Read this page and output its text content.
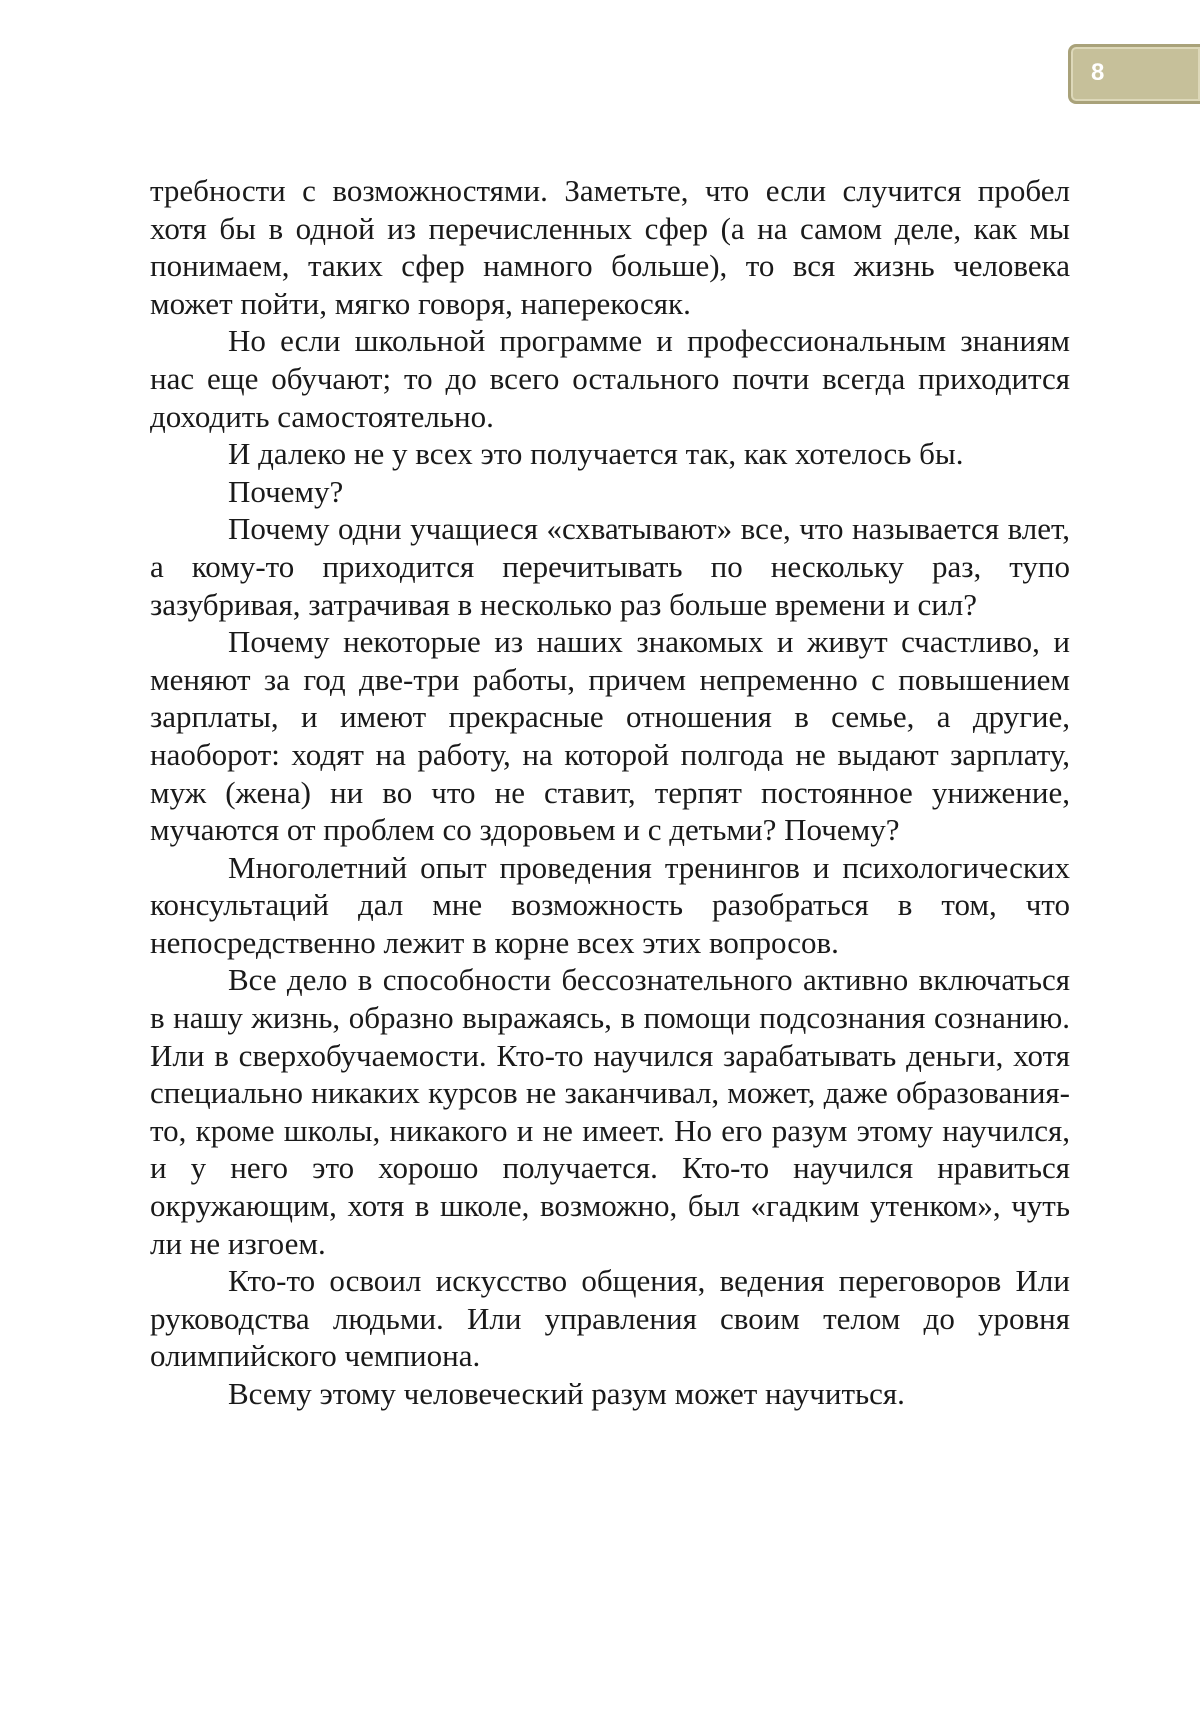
8

требности с возможностями. Заметьте, что если случится пробел хотя бы в одной из перечисленных сфер (а на самом деле, как мы понимаем, таких сфер намного больше), то вся жизнь человека может пойти, мягко говоря, наперекосяк.

Но если школьной программе и профессиональным знаниям нас еще обучают; то до всего остального почти всегда приходится доходить самостоятельно.

И далеко не у всех это получается так, как хотелось бы.

Почему?

Почему одни учащиеся «схватывают» все, что называется влет, а кому-то приходится перечитывать по нескольку раз, тупо зазубривая, затрачивая в несколько раз больше времени и сил?

Почему некоторые из наших знакомых и живут счастливо, и меняют за год две-три работы, причем непременно с повышением зарплаты, и имеют прекрасные отношения в семье, а другие, наоборот: ходят на работу, на которой полгода не выдают зарплату, муж (жена) ни во что не ставит, терпят постоянное унижение, мучаются от проблем со здоровьем и с детьми? Почему?

Многолетний опыт проведения тренингов и психологических консультаций дал мне возможность разобраться в том, что непосредственно лежит в корне всех этих вопросов.

Все дело в способности бессознательного активно включаться в нашу жизнь, образно выражаясь, в помощи подсознания сознанию. Или в сверхобучаемости. Кто-то научился зарабатывать деньги, хотя специально никаких курсов не заканчивал, может, даже образования-то, кроме школы, никакого и не имеет. Но его разум этому научился, и у него это хорошо получается. Кто-то научился нравиться окружающим, хотя в школе, возможно, был «гадким утенком», чуть ли не изгоем.

Кто-то освоил искусство общения, ведения переговоров Или руководства людьми. Или управления своим телом до уровня олимпийского чемпиона.

Всему этому человеческий разум может научиться.
